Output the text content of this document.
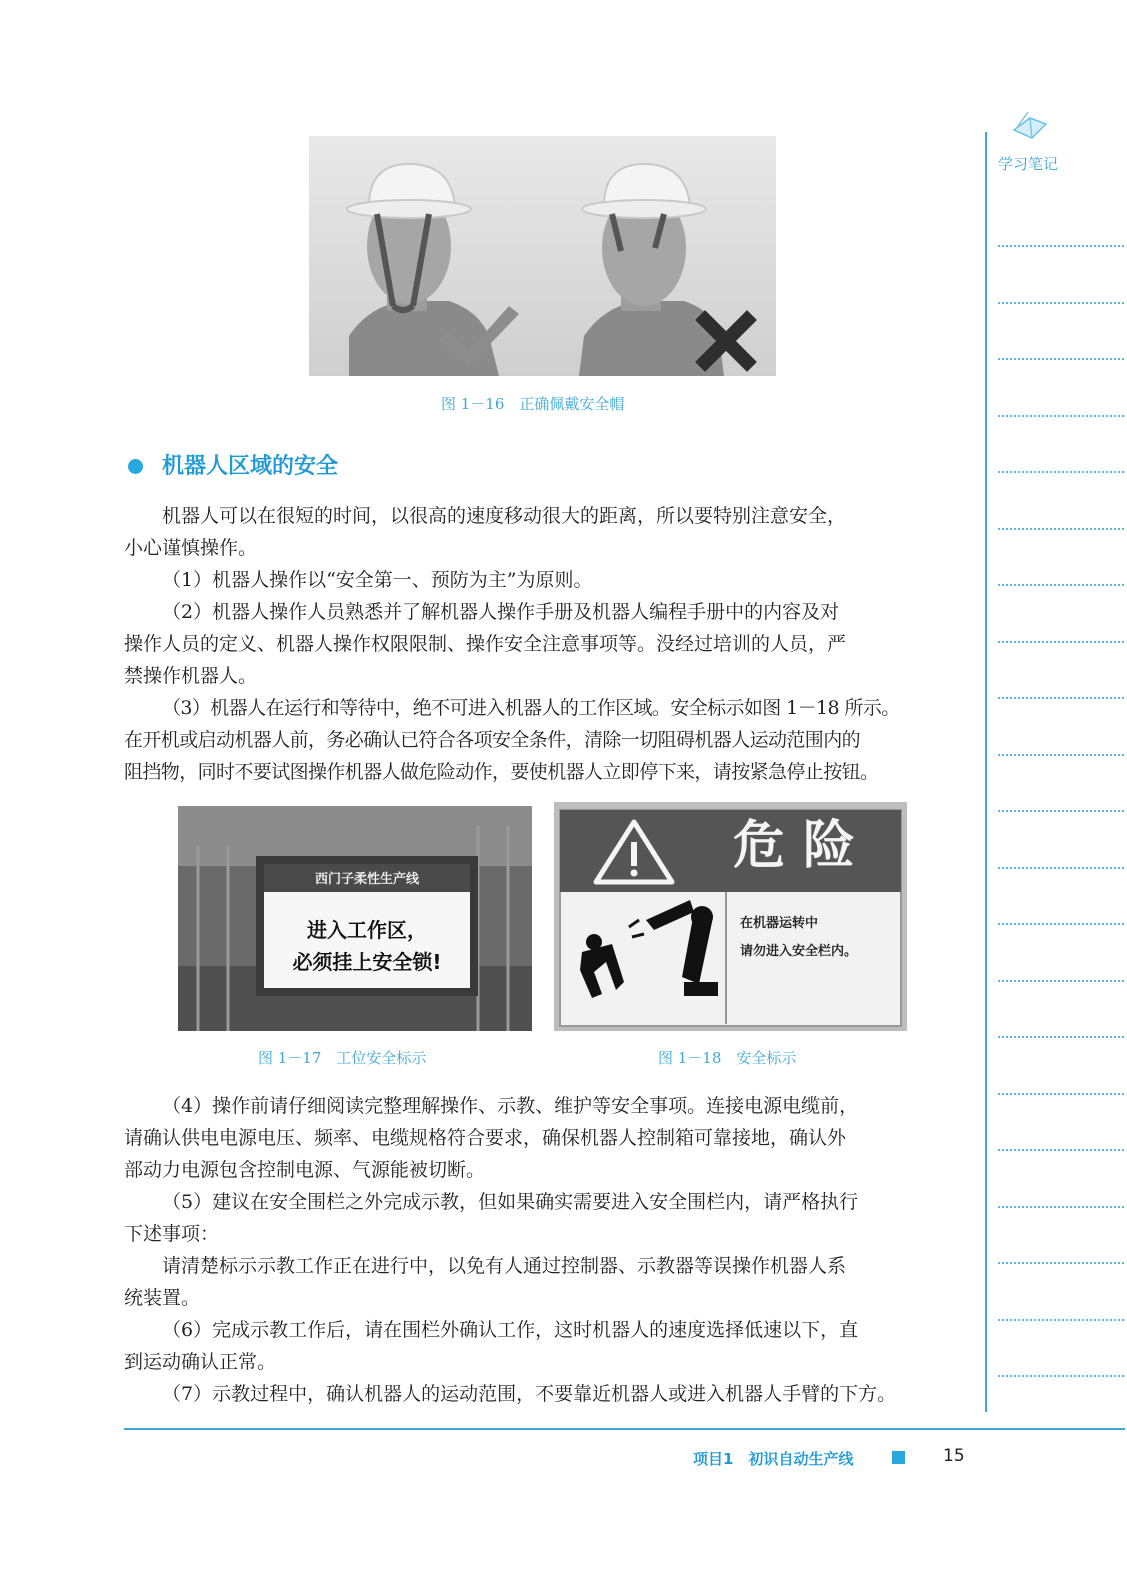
图 1－16　正确佩戴安全帽
机器人区域的安全
机器人可以在很短的时间，以很高的速度移动很大的距离，所以要特别注意安全，
小心谨慎操作。
（1）机器人操作以“安全第一、预防为主”为原则。
（2）机器人操作人员熟悉并了解机器人操作手册及机器人编程手册中的内容及对
操作人员的定义、机器人操作权限限制、操作安全注意事项等。没经过培训的人员，严
禁操作机器人。
（3）机器人在运行和等待中，绝不可进入机器人的工作区域。安全标示如图 1－18 所示。
在开机或启动机器人前，务必确认已符合各项安全条件，清除一切阻碍机器人运动范围内的
阻挡物，同时不要试图操作机器人做危险动作，要使机器人立即停下来，请按紧急停止按钮。
西门子柔性生产线
进入工作区，
必须挂上安全锁!
危 险
在机器运转中
请勿进入安全栏内。
图 1－17　工位安全标示	图 1－18　安全标示
（4）操作前请仔细阅读完整理解操作、示教、维护等安全事项。连接电源电缆前，
请确认供电电源电压、频率、电缆规格符合要求，确保机器人控制箱可靠接地，确认外
部动力电源包含控制电源、气源能被切断。
（5）建议在安全围栏之外完成示教，但如果确实需要进入安全围栏内，请严格执行
下述事项：
请清楚标示示教工作正在进行中，以免有人通过控制器、示教器等误操作机器人系
统装置。
（6）完成示教工作后，请在围栏外确认工作，这时机器人的速度选择低速以下，直
到运动确认正常。
（7）示教过程中，确认机器人的运动范围，不要靠近机器人或进入机器人手臂的下方。
学习笔记
项目1　初识自动生产线	15
